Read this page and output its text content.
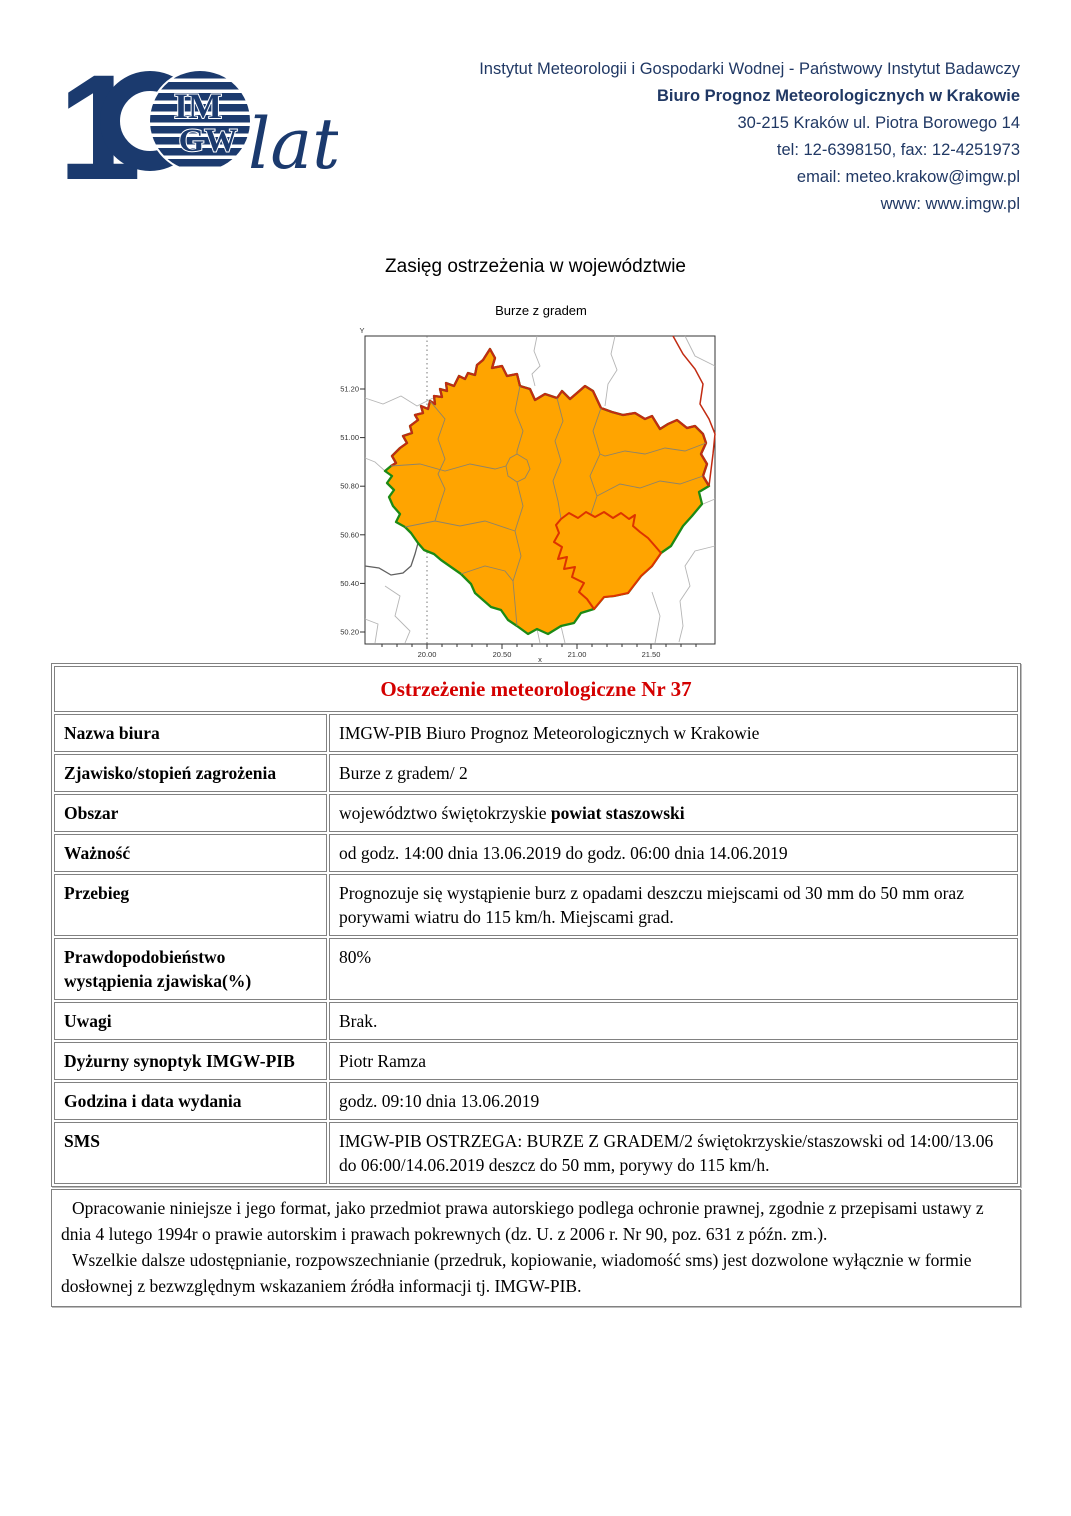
1 IM
GW lat
Instytut Meteorologii i Gospodarki Wodnej - Państwowy Instytut Badawczy
Biuro Prognoz Meteorologicznych w Krakowie
30-215 Kraków ul. Piotra Borowego 14
tel: 12-6398150, fax: 12-4251973
email: meteo.krakow@imgw.pl
www: www.imgw.pl
Zasięg ostrzeżenia w województwie
Burze z gradem
51.20
51.00
50.80
50.60
50.40
50.20
20.00	20.50	21.00	21.50
Y
x
Ostrzeżenie meteorologiczne Nr 37	
Nazwa biura	IMGW-PIB Biuro Prognoz Meteorologicznych w Krakowie
Zjawisko/stopień zagrożenia	Burze z gradem/ 2
Obszar	województwo świętokrzyskie powiat staszowski
Ważność	od godz. 14:00 dnia 13.06.2019 do godz. 06:00 dnia 14.06.2019
Przebieg	Prognozuje się wystąpienie burz z opadami deszczu miejscami od 30 mm do 50 mm oraz porywami wiatru do 115 km/h. Miejscami grad.
Prawdopodobieństwo wystąpienia zjawiska(%)	80%
Uwagi	Brak.
Dyżurny synoptyk IMGW-PIB	Piotr Ramza
Godzina i data wydania	godz. 09:10 dnia 13.06.2019
SMS	IMGW-PIB OSTRZEGA: BURZE Z GRADEM/2 świętokrzyskie/staszowski od 14:00/13.06 do 06:00/14.06.2019 deszcz do 50 mm, porywy do 115 km/h.

Opracowanie niniejsze i jego format, jako przedmiot prawa autorskiego podlega ochronie prawnej, zgodnie z przepisami ustawy z dnia 4 lutego 1994r o prawie autorskim i prawach pokrewnych (dz. U. z 2006 r. Nr 90, poz. 631 z późn. zm.).

Wszelkie dalsze udostępnianie, rozpowszechnianie (przedruk, kopiowanie, wiadomość sms) jest dozwolone wyłącznie w formie dosłownej z bezwzględnym wskazaniem źródła informacji tj. IMGW-PIB.
